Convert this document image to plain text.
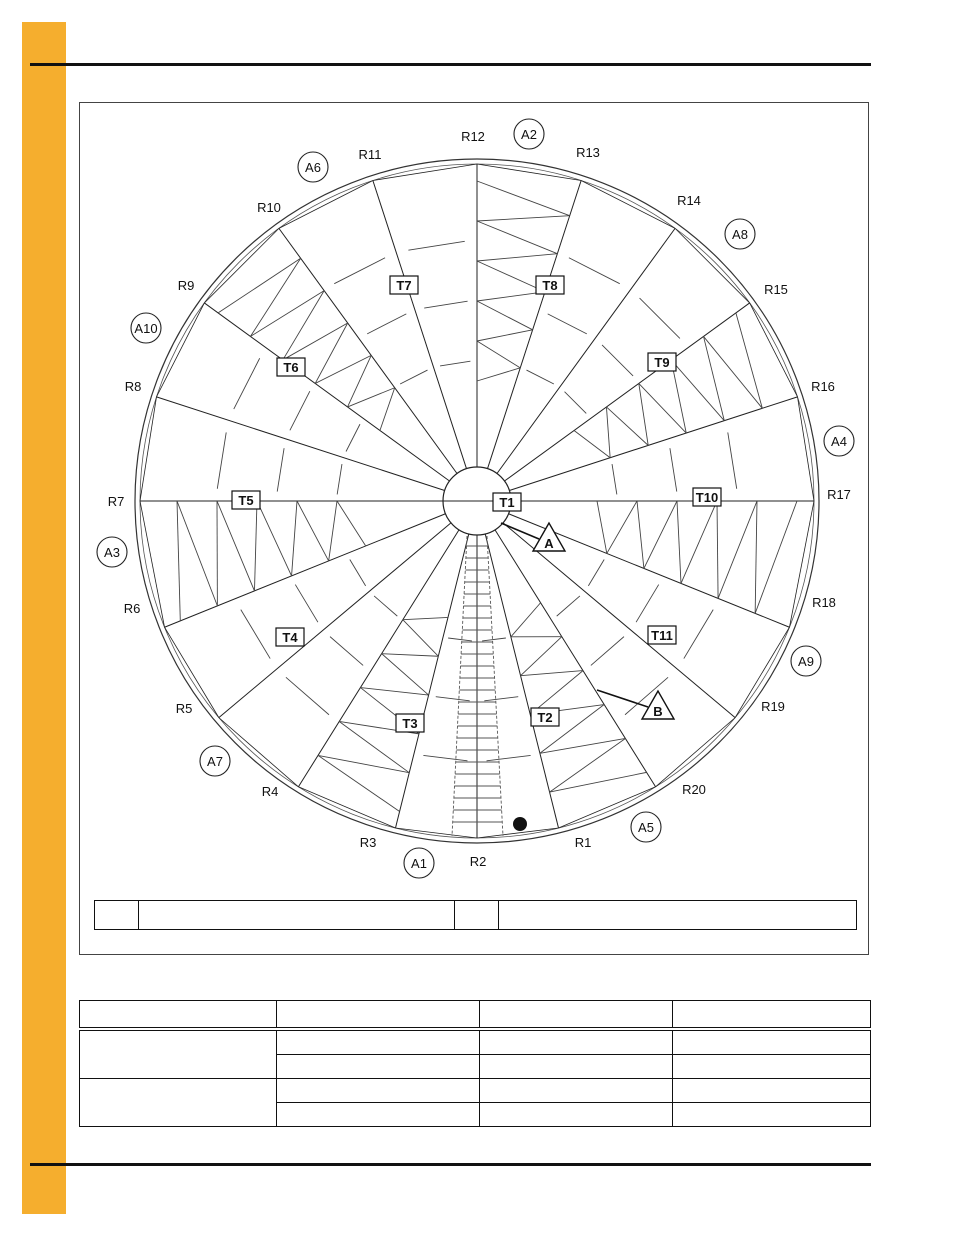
T1
R1
R2
R3
R4
R5
R6
R7
R8
R9
R10
R11
R12
R13
R14
R15
R16
R17
R18
R19
R20
A1
A2
A3
A4
A5
A6
A7
A8
A9
A10
T2
T3
T4
T5
T6
T7	T8
T9
T10
T11
A
B
